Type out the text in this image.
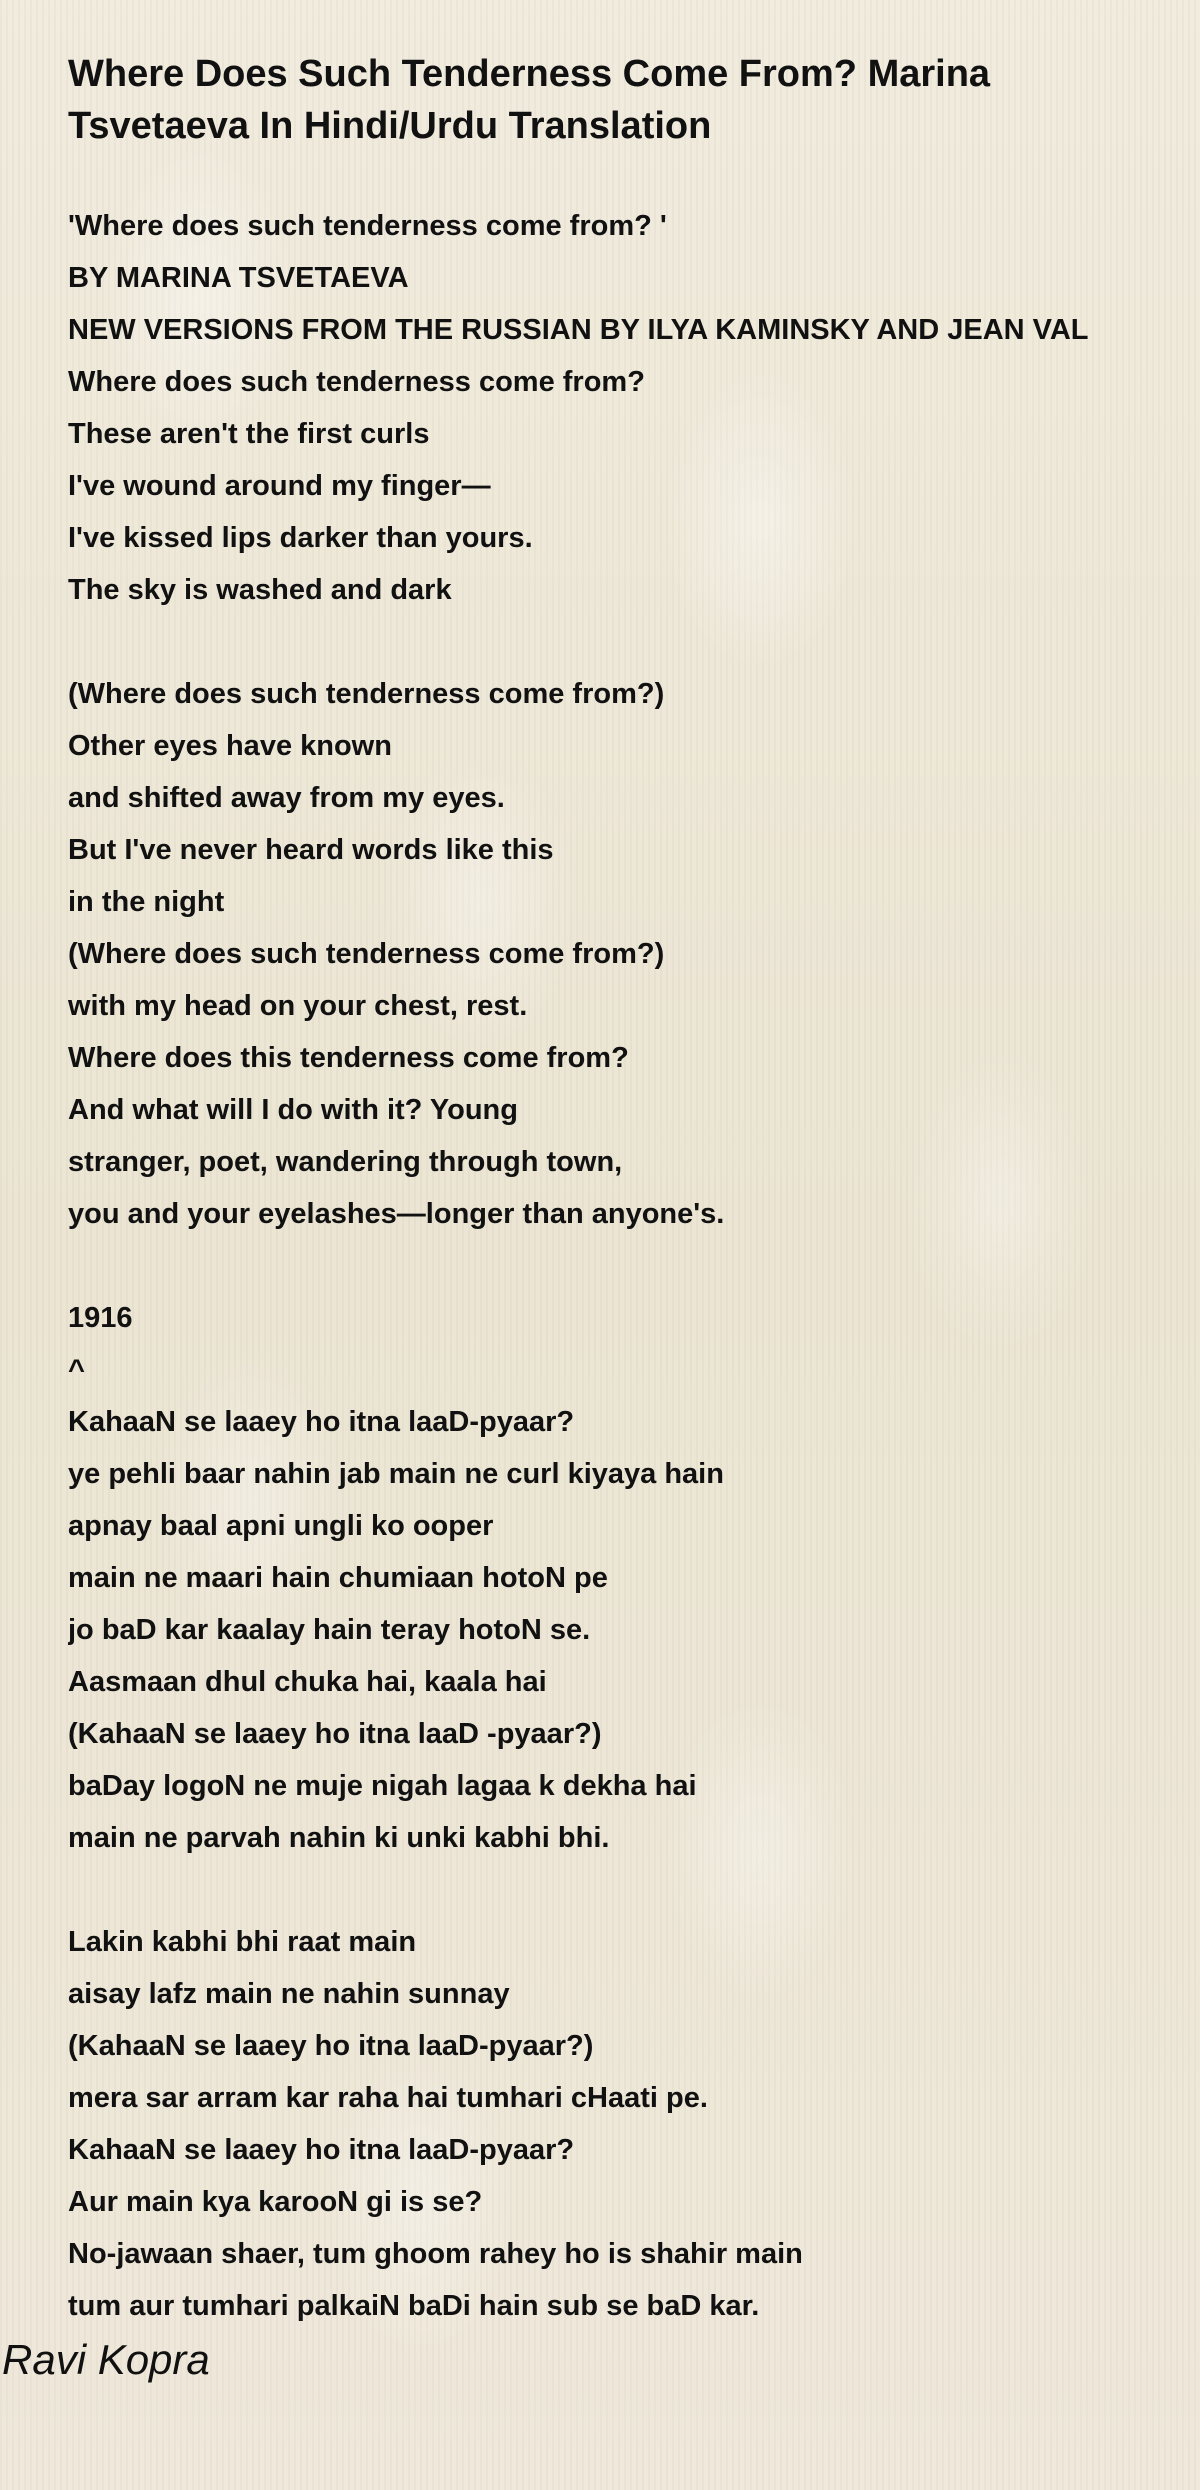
Where Does Such Tenderness Come From? Marina Tsvetaeva In Hindi/Urdu Translation
'Where does such tenderness come from? '
BY MARINA TSVETAEVA
NEW VERSIONS FROM THE RUSSIAN BY ILYA KAMINSKY AND JEAN VAL
Where does such tenderness come from?
These aren't the first curls
I've wound around my finger—
I've kissed lips darker than yours.
The sky is washed and dark
(Where does such tenderness come from?)
Other eyes have known
and shifted away from my eyes.
But I've never heard words like this
in the night
(Where does such tenderness come from?)
with my head on your chest, rest.
Where does this tenderness come from?
And what will I do with it? Young
stranger, poet, wandering through town,
you and your eyelashes—longer than anyone's.
1916
^
KahaaN se laaey ho itna laaD-pyaar?
ye pehli baar nahin jab main ne curl kiyaya hain
apnay baal apni ungli ko ooper
main ne maari hain chumiaan hotoN pe
jo baD kar kaalay hain teray hotoN se.
Aasmaan dhul chuka hai, kaala hai
(KahaaN se laaey ho itna laaD -pyaar?)
baDay logoN ne muje nigah lagaa k dekha hai
main ne parvah nahin ki unki kabhi bhi.
Lakin kabhi bhi raat main
aisay lafz main ne nahin sunnay
(KahaaN se laaey ho itna laaD-pyaar?)
mera sar arram kar raha hai tumhari cHaati pe.
KahaaN se laaey ho itna laaD-pyaar?
Aur main kya karooN gi is se?
No-jawaan shaer, tum ghoom rahey ho is shahir main
tum aur tumhari palkaiN baDi hain sub se baD kar.
Ravi Kopra
